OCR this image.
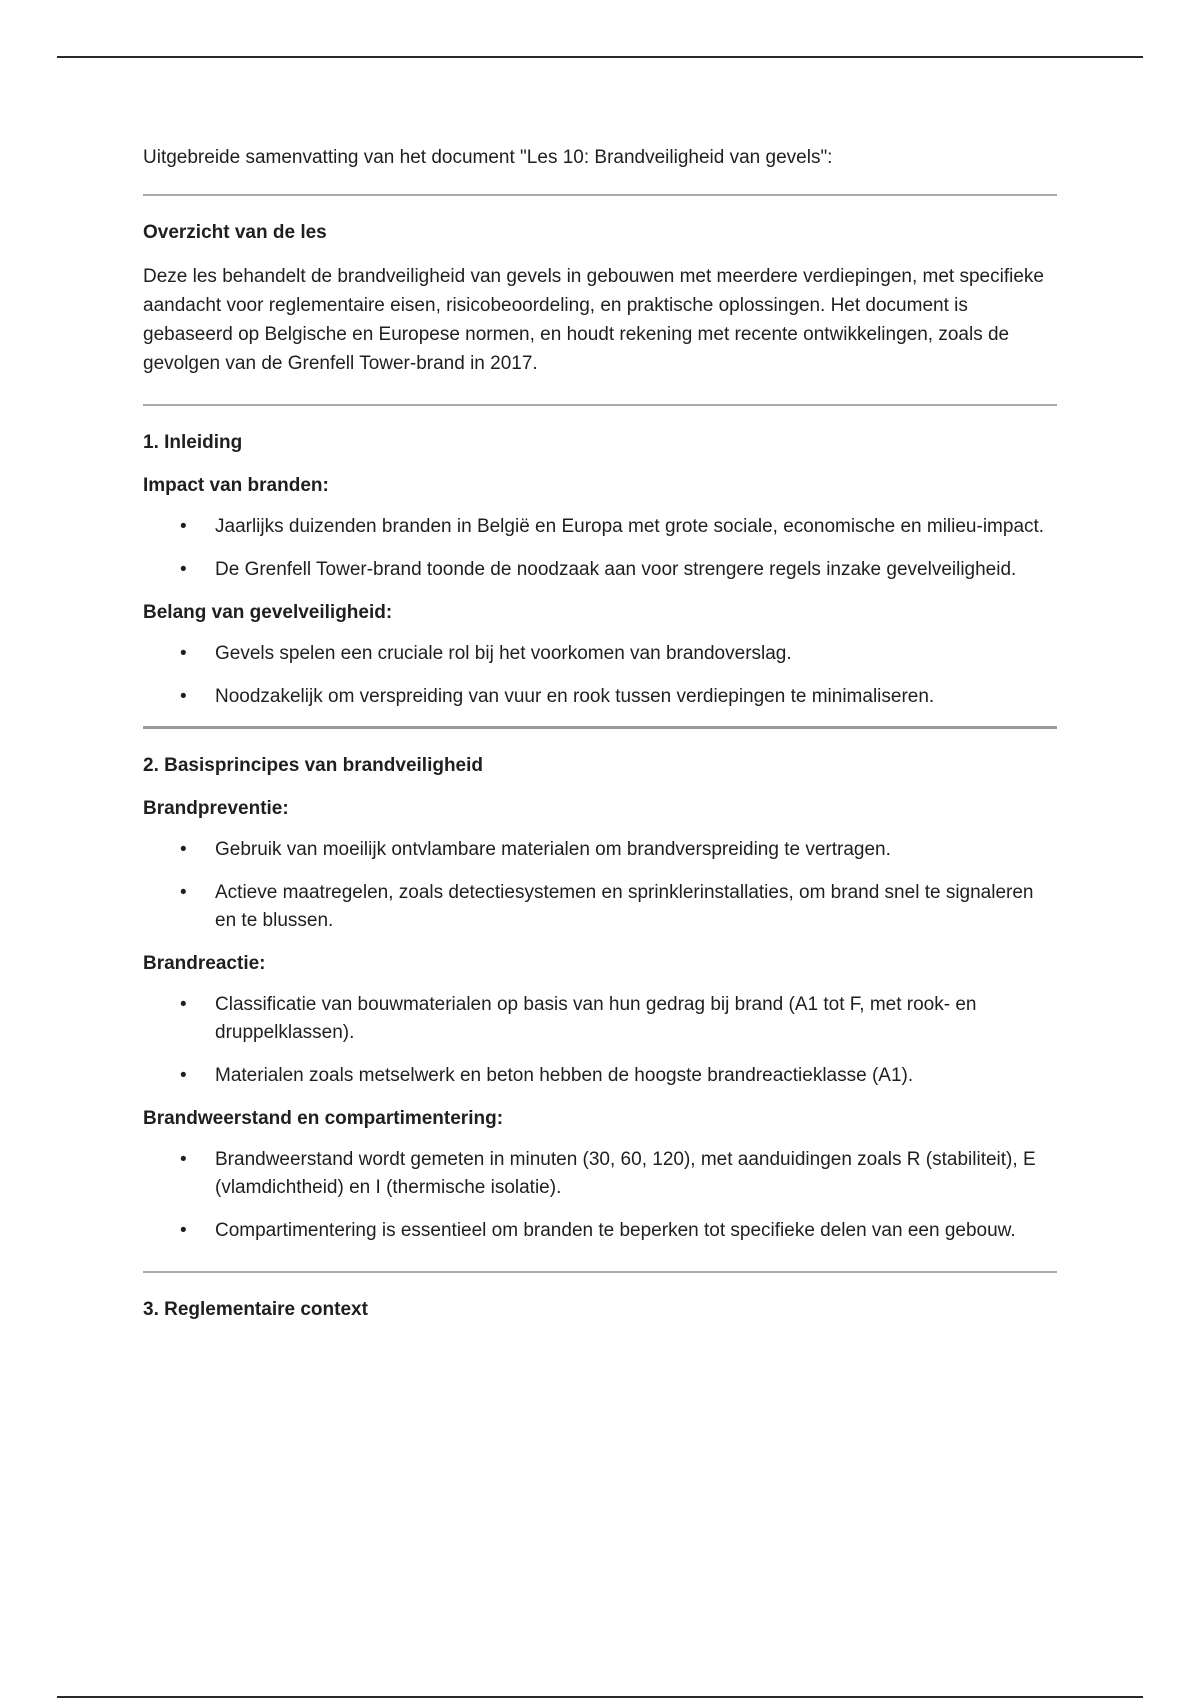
Uitgebreide samenvatting van het document "Les 10: Brandveiligheid van gevels":

Overzicht van de les

Deze les behandelt de brandveiligheid van gevels in gebouwen met meerdere verdiepingen, met specifieke aandacht voor reglementaire eisen, risicobeoordeling, en praktische oplossingen. Het document is gebaseerd op Belgische en Europese normen, en houdt rekening met recente ontwikkelingen, zoals de gevolgen van de Grenfell Tower-brand in 2017.

1. Inleiding

Impact van branden:

• Jaarlijks duizenden branden in België en Europa met grote sociale, economische en milieu-impact.
• De Grenfell Tower-brand toonde de noodzaak aan voor strengere regels inzake gevelveiligheid.

Belang van gevelveiligheid:

• Gevels spelen een cruciale rol bij het voorkomen van brandoverslag.
• Noodzakelijk om verspreiding van vuur en rook tussen verdiepingen te minimaliseren.

2. Basisprincipes van brandveiligheid

Brandpreventie:

• Gebruik van moeilijk ontvlambare materialen om brandverspreiding te vertragen.
• Actieve maatregelen, zoals detectiesystemen en sprinklerinstallaties, om brand snel te signaleren en te blussen.

Brandreactie:

• Classificatie van bouwmaterialen op basis van hun gedrag bij brand (A1 tot F, met rook- en druppelklassen).
• Materialen zoals metselwerk en beton hebben de hoogste brandreactieklasse (A1).

Brandweerstand en compartimentering:

• Brandweerstand wordt gemeten in minuten (30, 60, 120), met aanduidingen zoals R (stabiliteit), E (vlamdichtheid) en I (thermische isolatie).
• Compartimentering is essentieel om branden te beperken tot specifieke delen van een gebouw.

3. Reglementaire context
